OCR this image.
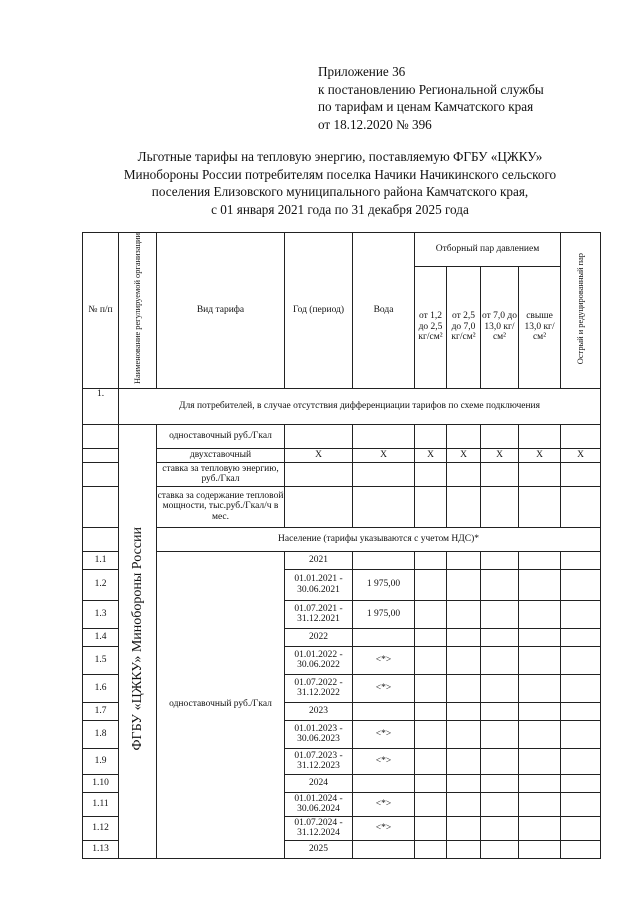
Приложение 36
к постановлению Региональной службы
по тарифам и ценам Камчатского края
от 18.12.2020 № 396
Льготные тарифы на тепловую энергию, поставляемую ФГБУ «ЦЖКУ»
Минобороны России потребителям поселка Начики Начикинского сельского
поселения Елизовского муниципального района Камчатского края,
с 01 января 2021 года по 31 декабря 2025 года
№ п/п	Наименование регулируемой организации	Вид тарифа	Год (период)	Вода	Отборный пар давлением				Острый и редуцированный пар
					от 1,2 до 2,5 кг/см²	от 2,5 до 7,0 кг/см²	от 7,0 до 13,0 кг/см²	свыше 13,0 кг/см²	
1.	Для потребителей, в случае отсутствия дифференциации тарифов по схеме подключения								
	ФГБУ «ЦЖКУ» Минобороны России	одноставочный руб./Гкал							
		двухставочный	X	X	X	X	X	X	X
		ставка за тепловую энергию, руб./Гкал							
		ставка за содержание тепловой мощности, тыс.руб./Гкал/ч в мес.							
		Население (тарифы указываются с учетом НДС)*							
1.1		одноставочный руб./Гкал	2021						
1.2			01.01.2021 - 30.06.2021	1 975,00					
1.3			01.07.2021 - 31.12.2021	1 975,00					
1.4			2022						
1.5			01.01.2022 - 30.06.2022	<*>					
1.6			01.07.2022 - 31.12.2022	<*>					
1.7			2023						
1.8			01.01.2023 - 30.06.2023	<*>					
1.9			01.07.2023 - 31.12.2023	<*>					
1.10			2024						
1.11			01.01.2024 - 30.06.2024	<*>					
1.12			01.07.2024 - 31.12.2024	<*>					
1.13			2025						
